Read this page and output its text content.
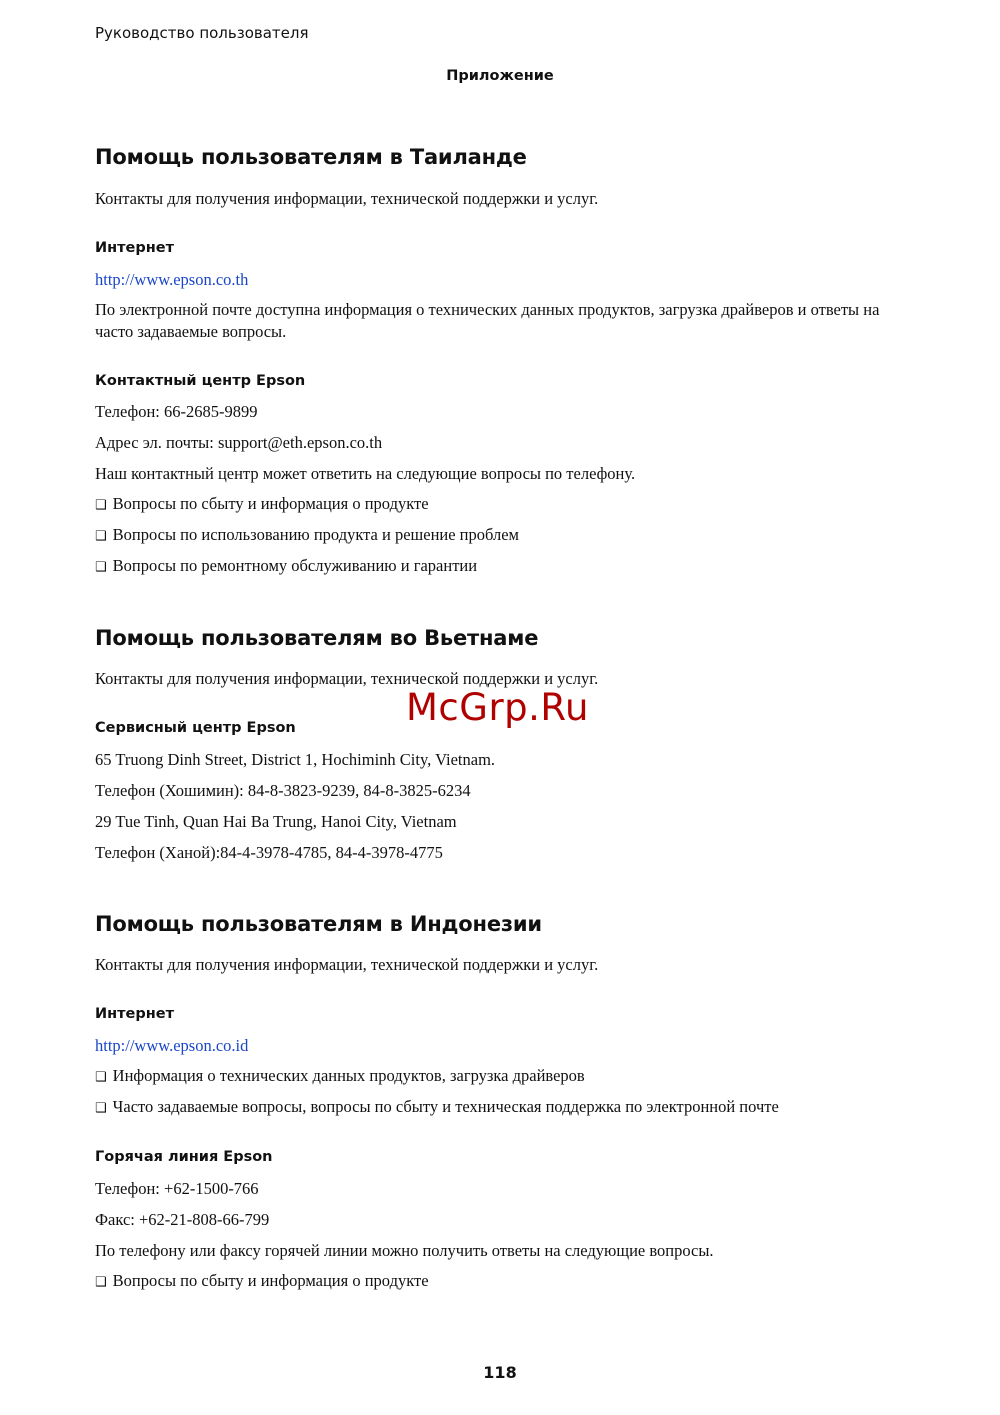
Руководство пользователя
Приложение
Помощь пользователям в Таиланде
Контакты для получения информации, технической поддержки и услуг.
Интернет
http://www.epson.co.th
По электронной почте доступна информация о технических данных продуктов, загрузка драйверов и ответы на часто задаваемые вопросы.
Контактный центр Epson
Телефон: 66-2685-9899
Адрес эл. почты: support@eth.epson.co.th
Наш контактный центр может ответить на следующие вопросы по телефону.
❑ Вопросы по сбыту и информация о продукте
❑ Вопросы по использованию продукта и решение проблем
❑ Вопросы по ремонтному обслуживанию и гарантии
Помощь пользователям во Вьетнаме
Контакты для получения информации, технической поддержки и услуг.
Сервисный центр Epson
65 Truong Dinh Street, District 1, Hochiminh City, Vietnam.
Телефон (Хошимин): 84-8-3823-9239, 84-8-3825-6234
29 Tue Tinh, Quan Hai Ba Trung, Hanoi City, Vietnam
Телефон (Ханой):84-4-3978-4785, 84-4-3978-4775
McGrp.Ru
Помощь пользователям в Индонезии
Контакты для получения информации, технической поддержки и услуг.
Интернет
http://www.epson.co.id
❑ Информация о технических данных продуктов, загрузка драйверов
❑ Часто задаваемые вопросы, вопросы по сбыту и техническая поддержка по электронной почте
Горячая линия Epson
Телефон: +62-1500-766
Факс: +62-21-808-66-799
По телефону или факсу горячей линии можно получить ответы на следующие вопросы.
❑ Вопросы по сбыту и информация о продукте
118
